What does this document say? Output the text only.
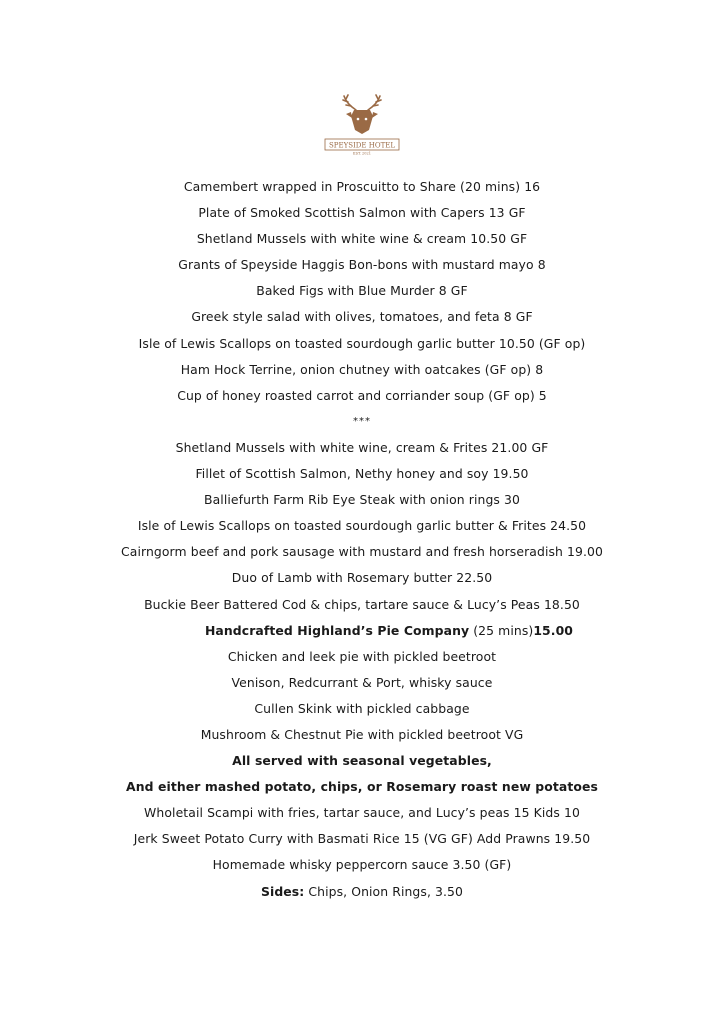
SPEYSIDE HOTEL
EST. 2021
Camembert wrapped in Proscuitto to Share (20 mins) 16
Plate of Smoked Scottish Salmon with Capers 13 GF
Shetland Mussels with white wine & cream 10.50 GF
Grants of Speyside Haggis Bon-bons with mustard mayo 8
Baked Figs with Blue Murder 8 GF
Greek style salad with olives, tomatoes, and feta 8 GF
Isle of Lewis Scallops on toasted sourdough garlic butter 10.50 (GF op)
Ham Hock Terrine, onion chutney with oatcakes (GF op) 8
Cup of honey roasted carrot and corriander soup (GF op) 5
***
Shetland Mussels with white wine, cream & Frites 21.00 GF
Fillet of Scottish Salmon, Nethy honey and soy 19.50
Balliefurth Farm Rib Eye Steak with onion rings 30
Isle of Lewis Scallops on toasted sourdough garlic butter & Frites 24.50
Cairngorm beef and pork sausage with mustard and fresh horseradish 19.00
Duo of Lamb with Rosemary butter 22.50
Buckie Beer Battered Cod & chips, tartare sauce & Lucy’s Peas 18.50
Handcrafted Highland’s Pie Company (25 mins)15.00
Chicken and leek pie with pickled beetroot
Venison, Redcurrant & Port, whisky sauce
Cullen Skink with pickled cabbage
Mushroom & Chestnut Pie with pickled beetroot VG
All served with seasonal vegetables,
And either mashed potato, chips, or Rosemary roast new potatoes
Wholetail Scampi with fries, tartar sauce, and Lucy’s peas 15 Kids 10
Jerk Sweet Potato Curry with Basmati Rice 15 (VG GF) Add Prawns 19.50
Homemade whisky peppercorn sauce 3.50 (GF)
Sides: Chips, Onion Rings, 3.50
